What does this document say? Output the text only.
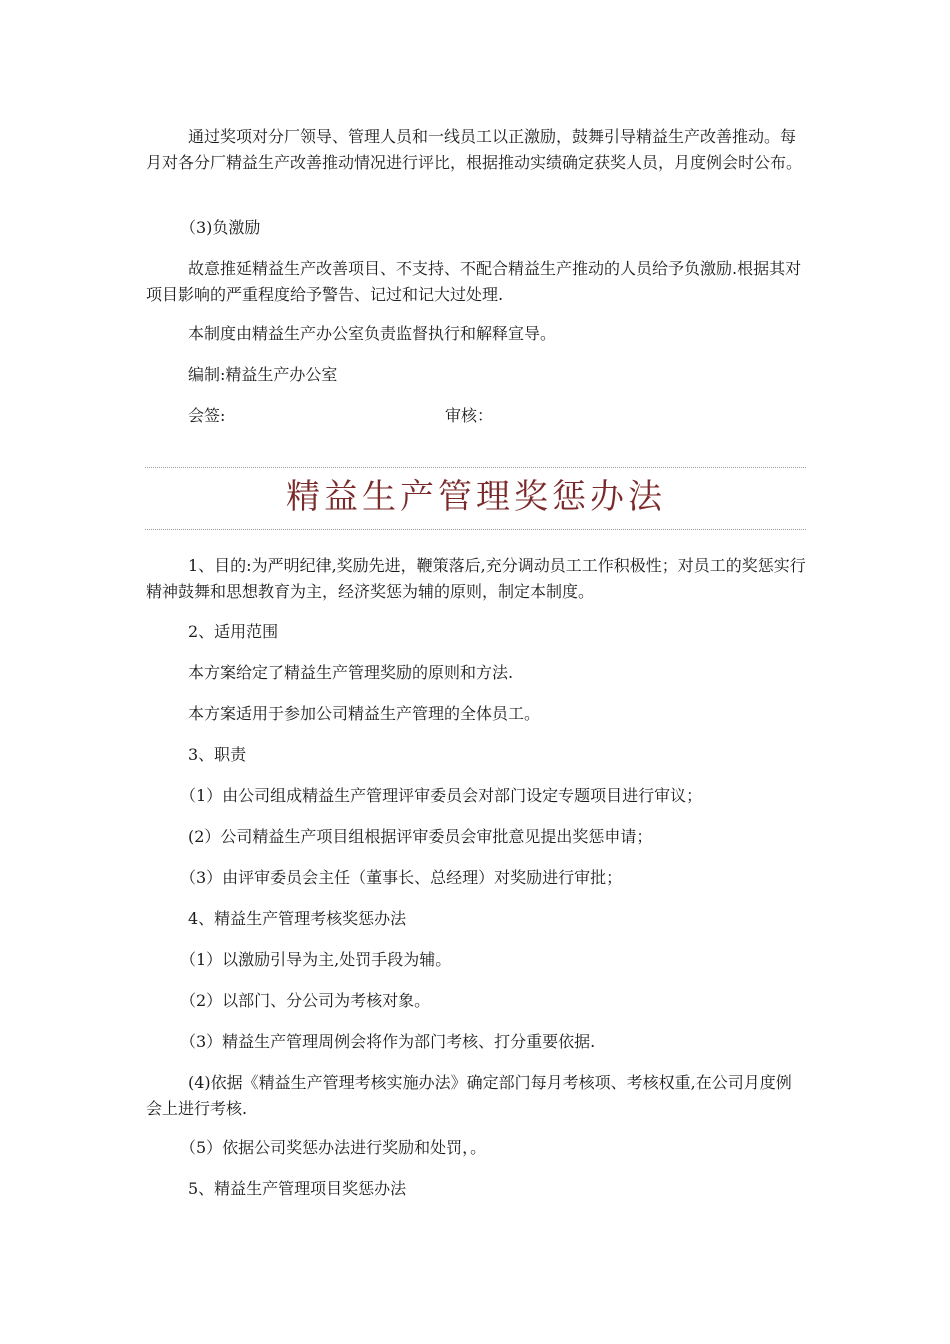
通过奖项对分厂领导、管理人员和一线员工以正激励，鼓舞引导精益生产改善推动。每月对各分厂精益生产改善推动情况进行评比，根据推动实绩确定获奖人员，月度例会时公布。

（3)负激励

故意推延精益生产改善项目、不支持、不配合精益生产推动的人员给予负激励.根据其对项目影响的严重程度给予警告、记过和记大过处理.

本制度由精益生产办公室负责监督执行和解释宣导。

编制:精益生产办公室

会签:	审核：

精益生产管理奖惩办法

1、目的:为严明纪律,奖励先进，鞭策落后,充分调动员工工作积极性；对员工的奖惩实行精神鼓舞和思想教育为主，经济奖惩为辅的原则，制定本制度。

2、适用范围

本方案给定了精益生产管理奖励的原则和方法.

本方案适用于参加公司精益生产管理的全体员工。

3、职责

（1）由公司组成精益生产管理评审委员会对部门设定专题项目进行审议；

(2）公司精益生产项目组根据评审委员会审批意见提出奖惩申请；

（3）由评审委员会主任（董事长、总经理）对奖励进行审批；

4、精益生产管理考核奖惩办法

（1）以激励引导为主,处罚手段为辅。

（2）以部门、分公司为考核对象。

（3）精益生产管理周例会将作为部门考核、打分重要依据.

(4)依据《精益生产管理考核实施办法》确定部门每月考核项、考核权重,在公司月度例会上进行考核.

（5）依据公司奖惩办法进行奖励和处罚，。

5、精益生产管理项目奖惩办法
